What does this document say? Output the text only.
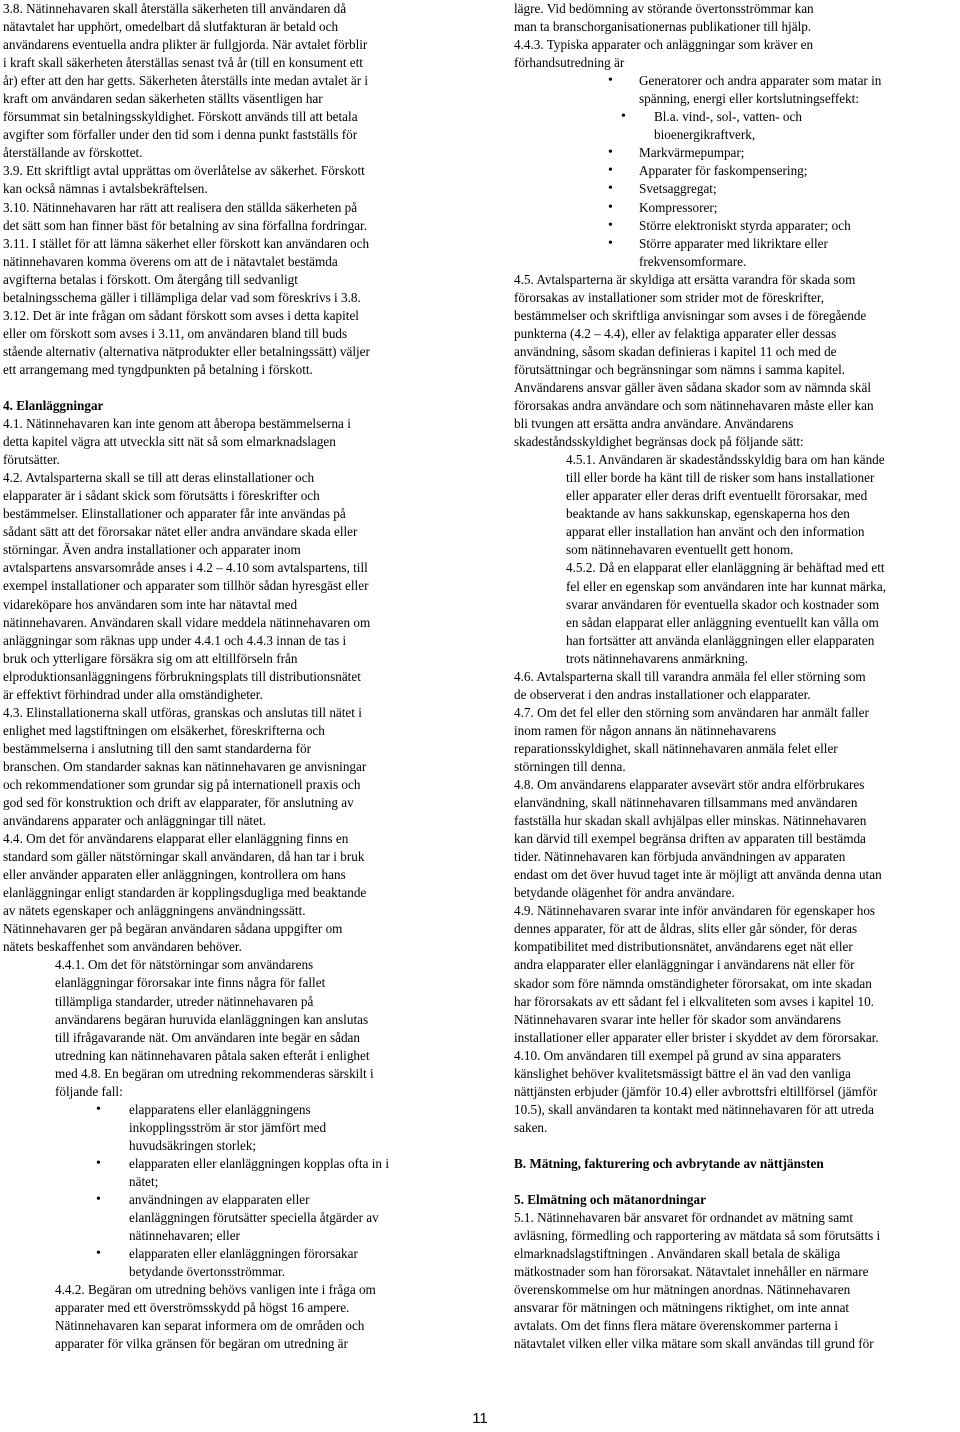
3.8. Nätinnehavaren skall återställa säkerheten till användaren då

nätavtalet har upphört, omedelbart då slutfakturan är betald och

användarens eventuella andra plikter är fullgjorda. När avtalet förblir

i kraft skall säkerheten återställas senast två år (till en konsument ett

år) efter att den har getts. Säkerheten återställs inte medan avtalet är i

kraft om användaren sedan säkerheten ställts väsentligen har

försummat sin betalningsskyldighet. Förskott används till att betala

avgifter som förfaller under den tid som i denna punkt fastställs för

återställande av förskottet.

3.9. Ett skriftligt avtal upprättas om överlåtelse av säkerhet. Förskott

kan också nämnas i avtalsbekräftelsen.

3.10. Nätinnehavaren har rätt att realisera den ställda säkerheten på

det sätt som han finner bäst för betalning av sina förfallna fordringar.

3.11. I stället för att lämna säkerhet eller förskott kan användaren och

nätinnehavaren komma överens om att de i nätavtalet bestämda

avgifterna betalas i förskott. Om återgång till sedvanligt

betalningsschema gäller i tillämpliga delar vad som föreskrivs i 3.8.

3.12. Det är inte frågan om sådant förskott som avses i detta kapitel

eller om förskott som avses i 3.11, om användaren bland till buds

stående alternativ (alternativa nätprodukter eller betalningssätt) väljer

ett arrangemang med tyngdpunkten på betalning i förskott.

4. Elanläggningar

4.1. Nätinnehavaren kan inte genom att åberopa bestämmelserna i

detta kapitel vägra att utveckla sitt nät så som elmarknadslagen

förutsätter.

4.2. Avtalsparterna skall se till att deras elinstallationer och

elapparater är i sådant skick som förutsätts i föreskrifter och

bestämmelser. Elinstallationer och apparater får inte användas på

sådant sätt att det förorsakar nätet eller andra användare skada eller

störningar. Även andra installationer och apparater inom

avtalspartens ansvarsområde anses i 4.2 – 4.10 som avtalspartens, till

exempel installationer och apparater som tillhör sådan hyresgäst eller

vidareköpare hos användaren som inte har nätavtal med

nätinnehavaren. Användaren skall vidare meddela nätinnehavaren om

anläggningar som räknas upp under 4.4.1 och 4.4.3 innan de tas i

bruk och ytterligare försäkra sig om att eltillförseln från

elproduktionsanläggningens förbrukningsplats till distributionsnätet

är effektivt förhindrad under alla omständigheter.

4.3. Elinstallationerna skall utföras, granskas och anslutas till nätet i

enlighet med lagstiftningen om elsäkerhet, föreskrifterna och

bestämmelserna i anslutning till den samt standarderna för

branschen. Om standarder saknas kan nätinnehavaren ge anvisningar

och rekommendationer som grundar sig på internationell praxis och

god sed för konstruktion och drift av elapparater, för anslutning av

användarens apparater och anläggningar till nätet.

4.4. Om det för användarens elapparat eller elanläggning finns en

standard som gäller nätstörningar skall användaren, då han tar i bruk

eller använder apparaten eller anläggningen, kontrollera om hans

elanläggningar enligt standarden är kopplingsdugliga med beaktande

av nätets egenskaper och anläggningens användningssätt.

Nätinnehavaren ger på begäran användaren sådana uppgifter om

nätets beskaffenhet som användaren behöver.

4.4.1. Om det för nätstörningar som användarens

elanläggningar förorsakar inte finns några för fallet

tillämpliga standarder, utreder nätinnehavaren på

användarens begäran huruvida elanläggningen kan anslutas

till ifrågavarande nät. Om användaren inte begär en sådan

utredning kan nätinnehavaren påtala saken efteråt i enlighet

med 4.8. En begäran om utredning rekommenderas särskilt i

följande fall:

• elapparatens eller elanläggningens
inkopplingsström är stor jämfört med
huvudsäkringen storlek;
• elapparaten eller elanläggningen kopplas ofta in i
nätet;
• användningen av elapparaten eller
elanläggningen förutsätter speciella åtgärder av
nätinnehavaren; eller
• elapparaten eller elanläggningen förorsakar
betydande övertonsströmmar.

4.4.2. Begäran om utredning behövs vanligen inte i fråga om

apparater med ett överströmsskydd på högst 16 ampere.

Nätinnehavaren kan separat informera om de områden och

apparater för vilka gränsen för begäran om utredning är

lägre. Vid bedömning av störande övertonsströmmar kan

man ta branschorganisationernas publikationer till hjälp.

4.4.3. Typiska apparater och anläggningar som kräver en

förhandsutredning är

• Generatorer och andra apparater som matar in
spänning, energi eller kortslutningseffekt:
• Bl.a. vind-, sol-, vatten- och
bioenergikraftverk,
• Markvärmepumpar;
• Apparater för faskompensering;
• Svetsaggregat;
• Kompressorer;
• Större elektroniskt styrda apparater; och
• Större apparater med likriktare eller
frekvensomformare.

4.5. Avtalsparterna är skyldiga att ersätta varandra för skada som

förorsakas av installationer som strider mot de föreskrifter,

bestämmelser och skriftliga anvisningar som avses i de föregående

punkterna (4.2 – 4.4), eller av felaktiga apparater eller dessas

användning, såsom skadan definieras i kapitel 11 och med de

förutsättningar och begränsningar som nämns i samma kapitel.

Användarens ansvar gäller även sådana skador som av nämnda skäl

förorsakas andra användare och som nätinnehavaren måste eller kan

bli tvungen att ersätta andra användare. Användarens

skadeståndsskyldighet begränsas dock på följande sätt:

4.5.1. Användaren är skadeståndsskyldig bara om han kände

till eller borde ha känt till de risker som hans installationer

eller apparater eller deras drift eventuellt förorsakar, med

beaktande av hans sakkunskap, egenskaperna hos den

apparat eller installation han använt och den information

som nätinnehavaren eventuellt gett honom.

4.5.2. Då en elapparat eller elanläggning är behäftad med ett

fel eller en egenskap som användaren inte har kunnat märka,

svarar användaren för eventuella skador och kostnader som

en sådan elapparat eller anläggning eventuellt kan vålla om

han fortsätter att använda elanläggningen eller elapparaten

trots nätinnehavarens anmärkning.

4.6. Avtalsparterna skall till varandra anmäla fel eller störning som

de observerat i den andras installationer och elapparater.

4.7. Om det fel eller den störning som användaren har anmält faller

inom ramen för någon annans än nätinnehavarens

reparationsskyldighet, skall nätinnehavaren anmäla felet eller

störningen till denna.

4.8. Om användarens elapparater avsevärt stör andra elförbrukares

elanvändning, skall nätinnehavaren tillsammans med användaren

fastställa hur skadan skall avhjälpas eller minskas. Nätinnehavaren

kan därvid till exempel begränsa driften av apparaten till bestämda

tider. Nätinnehavaren kan förbjuda användningen av apparaten

endast om det över huvud taget inte är möjligt att använda denna utan

betydande olägenhet för andra användare.

4.9. Nätinnehavaren svarar inte inför användaren för egenskaper hos

dennes apparater, för att de åldras, slits eller går sönder, för deras

kompatibilitet med distributionsnätet, användarens eget nät eller

andra elapparater eller elanläggningar i användarens nät eller för

skador som före nämnda omständigheter förorsakat, om inte skadan

har förorsakats av ett sådant fel i elkvaliteten som avses i kapitel 10.

Nätinnehavaren svarar inte heller för skador som användarens

installationer eller apparater eller brister i skyddet av dem förorsakar.

4.10. Om användaren till exempel på grund av sina apparaters

känslighet behöver kvalitetsmässigt bättre el än vad den vanliga

nättjänsten erbjuder (jämför 10.4) eller avbrottsfri eltillförsel (jämför

10.5), skall användaren ta kontakt med nätinnehavaren för att utreda

saken.

B. Mätning, fakturering och avbrytande av nättjänsten

5. Elmätning och mätanordningar

5.1. Nätinnehavaren bär ansvaret för ordnandet av mätning samt

avläsning, förmedling och rapportering av mätdata så som förutsätts i

elmarknadslagstiftningen . Användaren skall betala de skäliga

mätkostnader som han förorsakat. Nätavtalet innehåller en närmare

överenskommelse om hur mätningen anordnas. Nätinnehavaren

ansvarar för mätningen och mätningens riktighet, om inte annat

avtalats. Om det finns flera mätare överenskommer parterna i

nätavtalet vilken eller vilka mätare som skall användas till grund för

11
